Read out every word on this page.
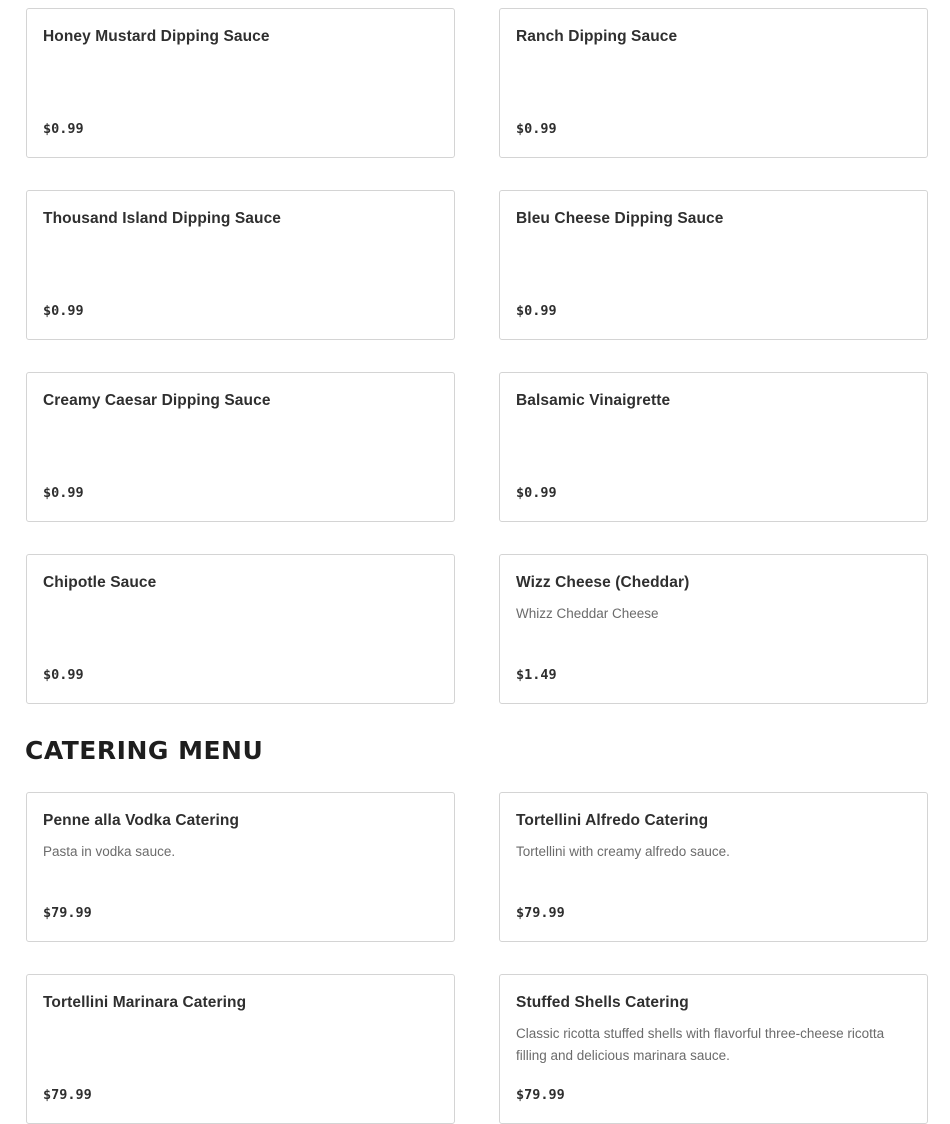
Honey Mustard Dipping Sauce
$0.99
Ranch Dipping Sauce
$0.99
Thousand Island Dipping Sauce
$0.99
Bleu Cheese Dipping Sauce
$0.99
Creamy Caesar Dipping Sauce
$0.99
Balsamic Vinaigrette
$0.99
Chipotle Sauce
$0.99
Wizz Cheese (Cheddar)
Whizz Cheddar Cheese
$1.49
CATERING MENU
Penne alla Vodka Catering
Pasta in vodka sauce.
$79.99
Tortellini Alfredo Catering
Tortellini with creamy alfredo sauce.
$79.99
Tortellini Marinara Catering
$79.99
Stuffed Shells Catering
Classic ricotta stuffed shells with flavorful three-cheese ricotta filling and delicious marinara sauce.
$79.99
